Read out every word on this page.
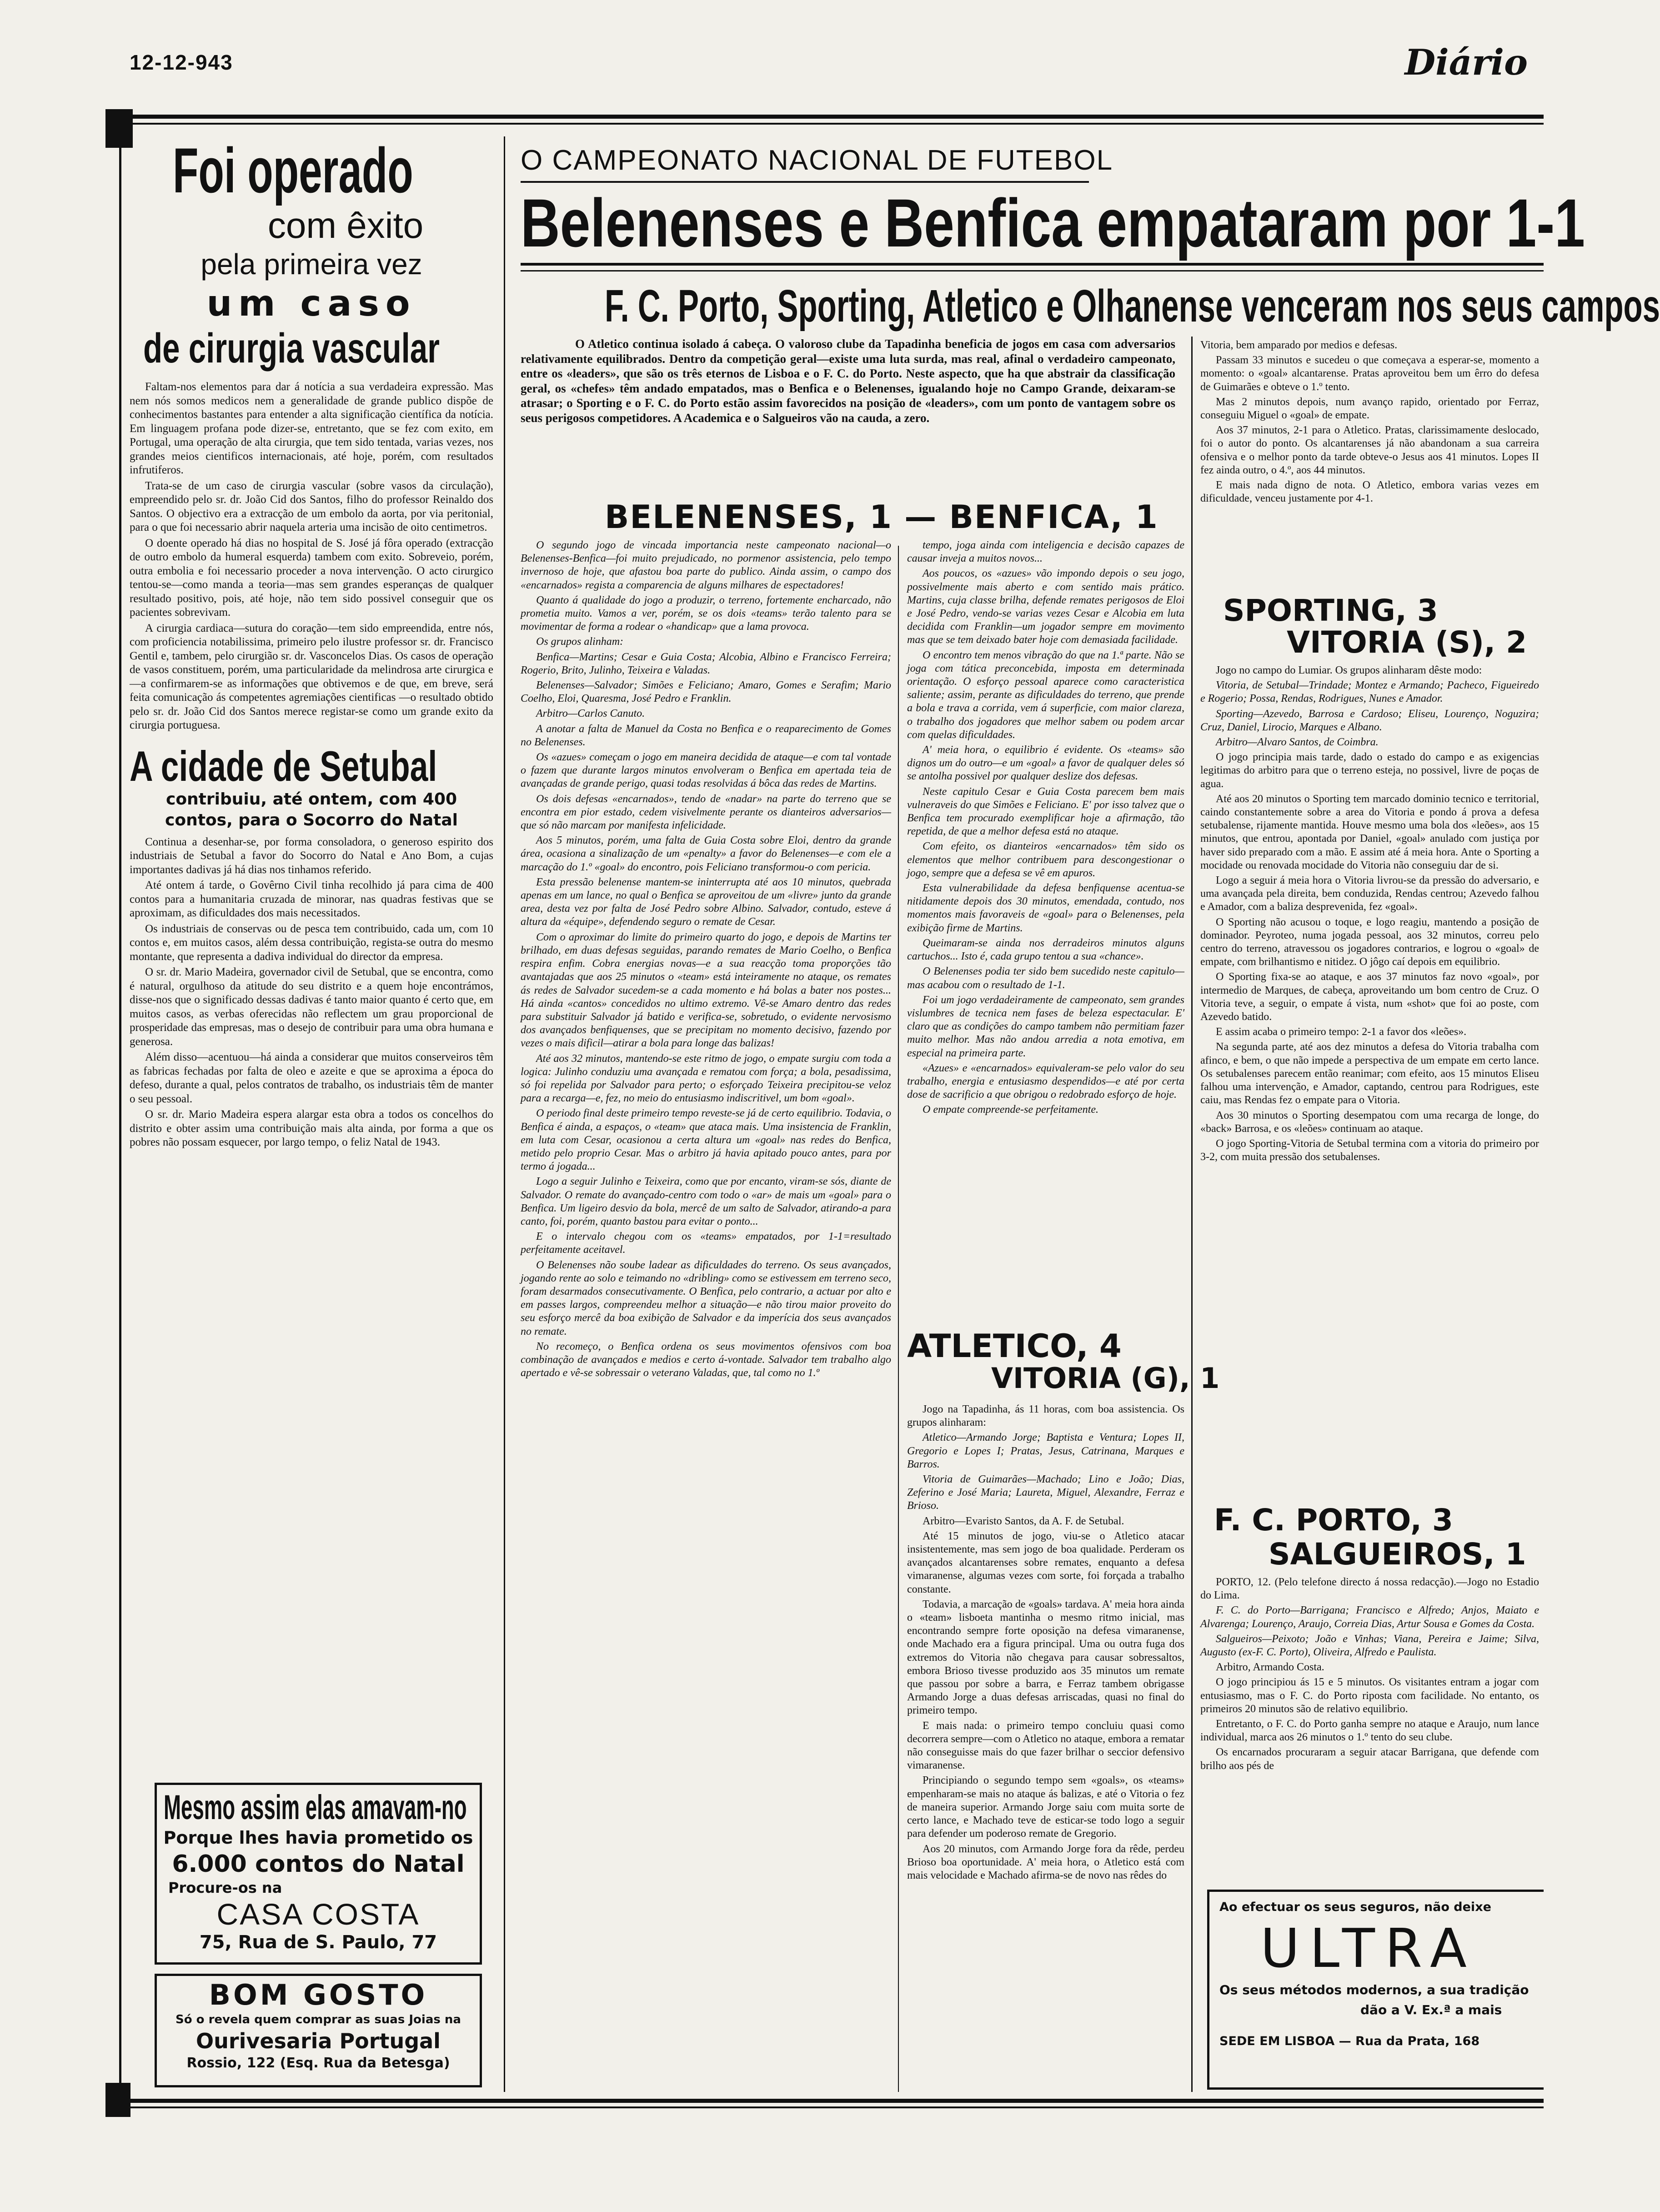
12-12-943	Diário
Foi operado
com êxito
pela primeira vez
um caso
de cirurgia vascular

Faltam-nos elementos para dar á notícia a sua verdadeira expressão. Mas nem nós somos medicos nem a generalidade de grande publico dispõe de conhecimentos bastantes para entender a alta significação científica da notícia. Em linguagem profana pode dizer-se, entretanto, que se fez com exito, em Portugal, uma operação de alta cirurgia, que tem sido tentada, varias vezes, nos grandes meios cientificos internacionais, até hoje, porém, com resultados infrutiferos.

Trata-se de um caso de cirurgia vascular (sobre vasos da circulação), empreendido pelo sr. dr. João Cid dos Santos, filho do professor Reinaldo dos Santos. O objectivo era a extracção de um embolo da aorta, por via peritonial, para o que foi necessario abrir naquela arteria uma incisão de oito centimetros.

O doente operado há dias no hospital de S. José já fôra operado (extracção de outro embolo da humeral esquerda) tambem com exito. Sobreveio, porém, outra embolia e foi necessario proceder a nova intervenção. O acto cirurgico tentou-se—como manda a teoria—mas sem grandes esperanças de qualquer resultado positivo, pois, até hoje, não tem sido possivel conseguir que os pacientes sobrevivam.

A cirurgia cardiaca—sutura do coração—tem sido empreendida, entre nós, com proficiencia notabilissima, primeiro pelo ilustre professor sr. dr. Francisco Gentil e, tambem, pelo cirurgião sr. dr. Vasconcelos Dias. Os casos de operação de vasos constituem, porém, uma particularidade da melindrosa arte cirurgica e —a confirmarem-se as informações que obtivemos e de que, em breve, será feita comunicação ás competentes agremiações cientificas —o resultado obtido pelo sr. dr. João Cid dos Santos merece registar-se como um grande exito da cirurgia portuguesa.

A cidade de Setubal
contribuiu, até ontem, com 400
contos, para o Socorro do Natal

Continua a desenhar-se, por forma consoladora, o generoso espirito dos industriais de Setubal a favor do Socorro do Natal e Ano Bom, a cujas importantes dadivas já há dias nos tinhamos referido.

Até ontem á tarde, o Govêrno Civil tinha recolhido já para cima de 400 contos para a humanitaria cruzada de minorar, nas quadras festivas que se aproximam, as dificuldades dos mais necessitados.

Os industriais de conservas ou de pesca tem contribuido, cada um, com 10 contos e, em muitos casos, além dessa contribuição, regista-se outra do mesmo montante, que representa a dadiva individual do director da empresa.

O sr. dr. Mario Madeira, governador civil de Setubal, que se encontra, como é natural, orgulhoso da atitude do seu distrito e a quem hoje encontrámos, disse-nos que o significado dessas dadivas é tanto maior quanto é certo que, em muitos casos, as verbas oferecidas não reflectem um grau proporcional de prosperidade das empresas, mas o desejo de contribuir para uma obra humana e generosa.

Além disso—acentuou—há ainda a considerar que muitos conserveiros têm as fabricas fechadas por falta de oleo e azeite e que se aproxima a época do defeso, durante a qual, pelos contratos de trabalho, os industriais têm de manter o seu pessoal.

O sr. dr. Mario Madeira espera alargar esta obra a todos os concelhos do distrito e obter assim uma contribuição mais alta ainda, por forma a que os pobres não possam esquecer, por largo tempo, o feliz Natal de 1943.

Mesmo assim elas amavam-no
Porque lhes havia prometido os
6.000 contos do Natal
Procure-os na
CASA COSTA
75, Rua de S. Paulo, 77
BOM GOSTO
Só o revela quem comprar as suas Joias na
Ourivesaria Portugal
Rossio, 122 (Esq. Rua da Betesga)
O CAMPEONATO NACIONAL DE FUTEBOL
Belenenses e Benfica empataram por 1-1
F. C. Porto, Sporting, Atletico e Olhanense venceram nos seus campos

O Atletico continua isolado á cabeça. O valoroso clube da Tapadinha beneficia de jogos em casa com adversarios relativamente equilibrados. Dentro da competição geral—existe uma luta surda, mas real, afinal o verdadeiro campeonato, entre os «leaders», que são os três eternos de Lisboa e o F. C. do Porto. Neste aspecto, que ha que abstrair da classificação geral, os «chefes» têm andado empatados, mas o Benfica e o Belenenses, igualando hoje no Campo Grande, deixaram-se atrasar; o Sporting e o F. C. do Porto estão assim favorecidos na posição de «leaders», com um ponto de vantagem sobre os seus perigosos competidores. A Academica e o Salgueiros vão na cauda, a zero.

BELENENSES, 1 — BENFICA, 1

O segundo jogo de vincada importancia neste campeonato nacional—o Belenenses-Benfica—foi muito prejudicado, no pormenor assistencia, pelo tempo invernoso de hoje, que afastou boa parte do publico. Ainda assim, o campo dos «encarnados» regista a comparencia de alguns milhares de espectadores!

Quanto á qualidade do jogo a produzir, o terreno, fortemente encharcado, não prometia muito. Vamos a ver, porém, se os dois «teams» terão talento para se movimentar de forma a rodear o «handicap» que a lama provoca.

Os grupos alinham:

Benfica—Martins; Cesar e Guia Costa; Alcobia, Albino e Francisco Ferreira; Rogerio, Brito, Julinho, Teixeira e Valadas.

Belenenses—Salvador; Simões e Feliciano; Amaro, Gomes e Serafim; Mario Coelho, Eloi, Quaresma, José Pedro e Franklin.

Arbitro—Carlos Canuto.

A anotar a falta de Manuel da Costa no Benfica e o reaparecimento de Gomes no Belenenses.

Os «azues» começam o jogo em maneira decidida de ataque—e com tal vontade o fazem que durante largos minutos envolveram o Benfica em apertada teia de avançadas de grande perigo, quasi todas resolvidas á bôca das redes de Martins.

Os dois defesas «encarnados», tendo de «nadar» na parte do terreno que se encontra em pior estado, cedem visivelmente perante os dianteiros adversarios—que só não marcam por manifesta infelicidade.

Aos 5 minutos, porém, uma falta de Guia Costa sobre Eloi, dentro da grande área, ocasiona a sinalização de um «penalty» a favor do Belenenses—e com ele a marcação do 1.º «goal» do encontro, pois Feliciano transformou-o com pericia.

Esta pressão belenense mantem-se ininterrupta até aos 10 minutos, quebrada apenas em um lance, no qual o Benfica se aproveitou de um «livre» junto da grande area, desta vez por falta de José Pedro sobre Albino. Salvador, contudo, esteve á altura da «équipe», defendendo seguro o remate de Cesar.

Com o aproximar do limite do primeiro quarto do jogo, e depois de Martins ter brilhado, em duas defesas seguidas, parando remates de Mario Coelho, o Benfica respira enfim. Cobra energias novas—e a sua reacção toma proporções tão avantajadas que aos 25 minutos o «team» está inteiramente no ataque, os remates ás redes de Salvador sucedem-se a cada momento e há bolas a bater nos postes... Há ainda «cantos» concedidos no ultimo extremo. Vê-se Amaro dentro das redes para substituir Salvador já batido e verifica-se, sobretudo, o evidente nervosismo dos avançados benfiquenses, que se precipitam no momento decisivo, fazendo por vezes o mais dificil—atirar a bola para longe das balizas!

Até aos 32 minutos, mantendo-se este ritmo de jogo, o empate surgiu com toda a logica: Julinho conduziu uma avançada e rematou com força; a bola, pesadissima, só foi repelida por Salvador para perto; o esforçado Teixeira precipitou-se veloz para a recarga—e, fez, no meio do entusiasmo indiscritivel, um bom «goal».

O periodo final deste primeiro tempo reveste-se já de certo equilibrio. Todavia, o Benfica é ainda, a espaços, o «team» que ataca mais. Uma insistencia de Franklin, em luta com Cesar, ocasionou a certa altura um «goal» nas redes do Benfica, metido pelo proprio Cesar. Mas o arbitro já havia apitado pouco antes, para por termo á jogada...

Logo a seguir Julinho e Teixeira, como que por encanto, viram-se sós, diante de Salvador. O remate do avançado-centro com todo o «ar» de mais um «goal» para o Benfica. Um ligeiro desvio da bola, mercê de um salto de Salvador, atirando-a para canto, foi, porém, quanto bastou para evitar o ponto...

E o intervalo chegou com os «teams» empatados, por 1-1=resultado perfeitamente aceitavel.

O Belenenses não soube ladear as dificuldades do terreno. Os seus avançados, jogando rente ao solo e teimando no «dribling» como se estivessem em terreno seco, foram desarmados consecutivamente. O Benfica, pelo contrario, a actuar por alto e em passes largos, compreendeu melhor a situação—e não tirou maior proveito do seu esforço mercê da boa exibição de Salvador e da imperícia dos seus avançados no remate.

No recomeço, o Benfica ordena os seus movimentos ofensivos com boa combinação de avançados e medios e certo á-vontade. Salvador tem trabalho algo apertado e vê-se sobressair o veterano Valadas, que, tal como no 1.º

tempo, joga ainda com inteligencia e decisão capazes de causar inveja a muitos novos...

Aos poucos, os «azues» vão impondo depois o seu jogo, possivelmente mais aberto e com sentido mais prático. Martins, cuja classe brilha, defende remates perigosos de Eloi e José Pedro, vendo-se varias vezes Cesar e Alcobia em luta decidida com Franklin—um jogador sempre em movimento mas que se tem deixado bater hoje com demasiada facilidade.

O encontro tem menos vibração do que na 1.ª parte. Não se joga com tática preconcebida, imposta em determinada orientação. O esforço pessoal aparece como caracteristica saliente; assim, perante as dificuldades do terreno, que prende a bola e trava a corrida, vem á superficie, com maior clareza, o trabalho dos jogadores que melhor sabem ou podem arcar com quelas dificuldades.

A' meia hora, o equilibrio é evidente. Os «teams» são dignos um do outro—e um «goal» a favor de qualquer deles só se antolha possivel por qualquer deslize dos defesas.

Neste capitulo Cesar e Guia Costa parecem bem mais vulneraveis do que Simões e Feliciano. E' por isso talvez que o Benfica tem procurado exemplificar hoje a afirmação, tão repetida, de que a melhor defesa está no ataque.

Com efeito, os dianteiros «encarnados» têm sido os elementos que melhor contribuem para descongestionar o jogo, sempre que a defesa se vê em apuros.

Esta vulnerabilidade da defesa benfiquense acentua-se nitidamente depois dos 30 minutos, emendada, contudo, nos momentos mais favoraveis de «goal» para o Belenenses, pela exibição firme de Martins.

Queimaram-se ainda nos derradeiros minutos alguns cartuchos... Isto é, cada grupo tentou a sua «chance».

O Belenenses podia ter sido bem sucedido neste capitulo—mas acabou com o resultado de 1-1.

Foi um jogo verdadeiramente de campeonato, sem grandes vislumbres de tecnica nem fases de beleza espectacular. E' claro que as condições do campo tambem não permitiam fazer muito melhor. Mas não andou arredia a nota emotiva, em especial na primeira parte.

«Azues» e «encarnados» equivaleram-se pelo valor do seu trabalho, energia e entusiasmo despendidos—e até por certa dose de sacrificio a que obrigou o redobrado esforço de hoje.

O empate compreende-se perfeitamente.

ATLETICO, 4
VITORIA (G), 1

Jogo na Tapadinha, ás 11 horas, com boa assistencia. Os grupos alinharam:

Atletico—Armando Jorge; Baptista e Ventura; Lopes II, Gregorio e Lopes I; Pratas, Jesus, Catrinana, Marques e Barros.

Vitoria de Guimarães—Machado; Lino e João; Dias, Zeferino e José Maria; Laureta, Miguel, Alexandre, Ferraz e Brioso.

Arbitro—Evaristo Santos, da A. F. de Setubal.

Até 15 minutos de jogo, viu-se o Atletico atacar insistentemente, mas sem jogo de boa qualidade. Perderam os avançados alcantarenses sobre remates, enquanto a defesa vimaranense, algumas vezes com sorte, foi forçada a trabalho constante.

Todavia, a marcação de «goals» tardava. A' meia hora ainda o «team» lisboeta mantinha o mesmo ritmo inicial, mas encontrando sempre forte oposição na defesa vimaranense, onde Machado era a figura principal. Uma ou outra fuga dos extremos do Vitoria não chegava para causar sobressaltos, embora Brioso tivesse produzido aos 35 minutos um remate que passou por sobre a barra, e Ferraz tambem obrigasse Armando Jorge a duas defesas arriscadas, quasi no final do primeiro tempo.

E mais nada: o primeiro tempo concluiu quasi como decorrera sempre—com o Atletico no ataque, embora a rematar não conseguisse mais do que fazer brilhar o seccior defensivo vimaranense.

Principiando o segundo tempo sem «goals», os «teams» empenharam-se mais no ataque ás balizas, e até o Vitoria o fez de maneira superior. Armando Jorge saiu com muita sorte de certo lance, e Machado teve de esticar-se todo logo a seguir para defender um poderoso remate de Gregorio.

Aos 20 minutos, com Armando Jorge fora da rêde, perdeu Brioso boa oportunidade. A' meia hora, o Atletico está com mais velocidade e Machado afirma-se de novo nas rêdes do

Vitoria, bem amparado por medios e defesas.

Passam 33 minutos e sucedeu o que começava a esperar-se, momento a momento: o «goal» alcantarense. Pratas aproveitou bem um êrro do defesa de Guimarães e obteve o 1.º tento.

Mas 2 minutos depois, num avanço rapido, orientado por Ferraz, conseguiu Miguel o «goal» de empate.

Aos 37 minutos, 2-1 para o Atletico. Pratas, clarissimamente deslocado, foi o autor do ponto. Os alcantarenses já não abandonam a sua carreira ofensiva e o melhor ponto da tarde obteve-o Jesus aos 41 minutos. Lopes II fez ainda outro, o 4.º, aos 44 minutos.

E mais nada digno de nota. O Atletico, embora varias vezes em dificuldade, venceu justamente por 4-1.

SPORTING, 3
VITORIA (S), 2

Jogo no campo do Lumiar. Os grupos alinharam dêste modo:

Vitoria, de Setubal—Trindade; Montez e Armando; Pacheco, Figueiredo e Rogerio; Possa, Rendas, Rodrigues, Nunes e Amador.

Sporting—Azevedo, Barrosa e Cardoso; Eliseu, Lourenço, Noguzira; Cruz, Daniel, Lirocio, Marques e Albano.

Arbitro—Alvaro Santos, de Coimbra.

O jogo principia mais tarde, dado o estado do campo e as exigencias legitimas do arbitro para que o terreno esteja, no possivel, livre de poças de agua.

Até aos 20 minutos o Sporting tem marcado dominio tecnico e territorial, caindo constantemente sobre a area do Vitoria e pondo á prova a defesa setubalense, rijamente mantida. Houve mesmo uma bola dos «leões», aos 15 minutos, que entrou, apontada por Daniel, «goal» anulado com justiça por haver sido preparado com a mão. E assim até á meia hora. Ante o Sporting a mocidade ou renovada mocidade do Vitoria não conseguiu dar de si.

Logo a seguir á meia hora o Vitoria livrou-se da pressão do adversario, e uma avançada pela direita, bem conduzida, Rendas centrou; Azevedo falhou e Amador, com a baliza desprevenida, fez «goal».

O Sporting não acusou o toque, e logo reagiu, mantendo a posição de dominador. Peyroteo, numa jogada pessoal, aos 32 minutos, correu pelo centro do terreno, atravessou os jogadores contrarios, e logrou o «goal» de empate, com brilhantismo e nitidez. O jôgo caí depois em equilibrio.

O Sporting fixa-se ao ataque, e aos 37 minutos faz novo «goal», por intermedio de Marques, de cabeça, aproveitando um bom centro de Cruz. O Vitoria teve, a seguir, o empate á vista, num «shot» que foi ao poste, com Azevedo batido.

E assim acaba o primeiro tempo: 2-1 a favor dos «leões».

Na segunda parte, até aos dez minutos a defesa do Vitoria trabalha com afinco, e bem, o que não impede a perspectiva de um empate em certo lance. Os setubalenses parecem então reanimar; com efeito, aos 15 minutos Eliseu falhou uma intervenção, e Amador, captando, centrou para Rodrigues, este caiu, mas Rendas fez o empate para o Vitoria.

Aos 30 minutos o Sporting desempatou com uma recarga de longe, do «back» Barrosa, e os «leões» continuam ao ataque.

O jogo Sporting-Vitoria de Setubal termina com a vitoria do primeiro por 3-2, com muita pressão dos setubalenses.

F. C. PORTO, 3
SALGUEIROS, 1

PORTO, 12. (Pelo telefone directo á nossa redacção).—Jogo no Estadio do Lima.

F. C. do Porto—Barrigana; Francisco e Alfredo; Anjos, Maiato e Alvarenga; Lourenço, Araujo, Correia Dias, Artur Sousa e Gomes da Costa.

Salgueiros—Peixoto; João e Vinhas; Viana, Pereira e Jaime; Silva, Augusto (ex-F. C. Porto), Oliveira, Alfredo e Paulista.

Arbitro, Armando Costa.

O jogo principiou ás 15 e 5 minutos. Os visitantes entram a jogar com entusiasmo, mas o F. C. do Porto riposta com facilidade. No entanto, os primeiros 20 minutos são de relativo equilibrio.

Entretanto, o F. C. do Porto ganha sempre no ataque e Araujo, num lance individual, marca aos 26 minutos o 1.º tento do seu clube.

Os encarnados procuraram a seguir atacar Barrigana, que defende com brilho aos pés de

Ao efectuar os seus seguros, não deixe
ULTRA
Os seus métodos modernos, a sua tradição
dão a V. Ex.ª a mais
SEDE EM LISBOA — Rua da Prata, 168
